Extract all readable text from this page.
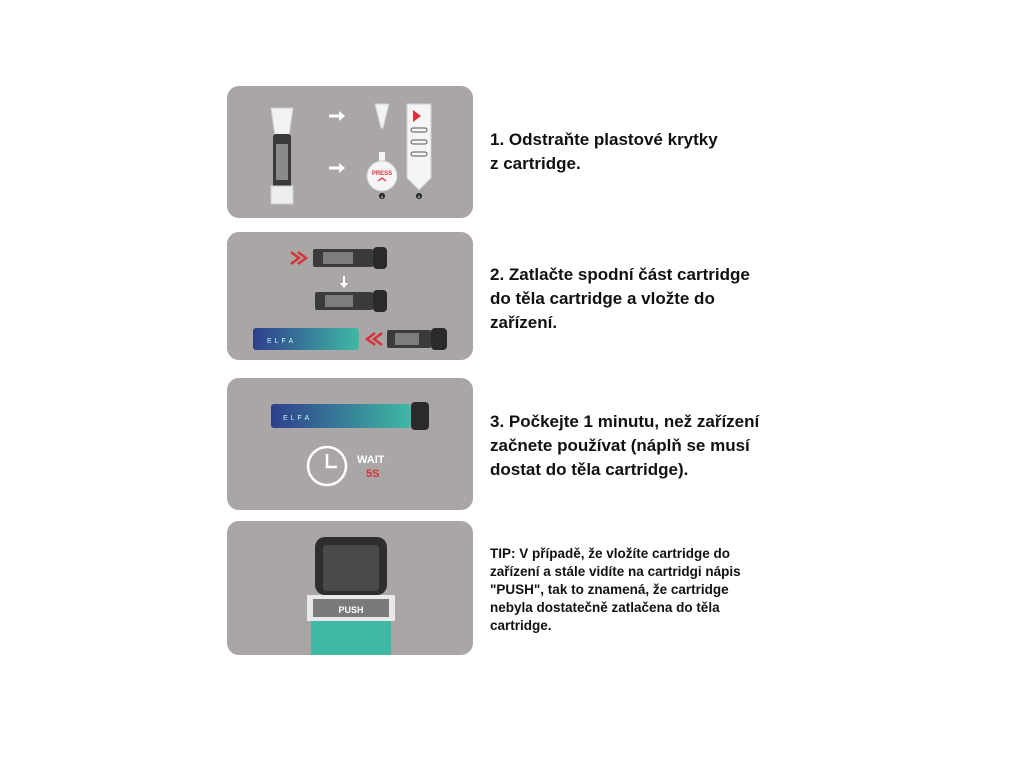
PRESS
1	2
1. Odstraňte plastové krytky
z cartridge.
ELFA
2. Zatlačte spodní část cartridge
do těla cartridge a vložte do
zařízení.
ELFA
WAIT
5S
3. Počkejte 1 minutu, než zařízení
začnete používat (náplň se musí
dostat do těla cartridge).
PUSH
TIP: V případě, že vložíte cartridge do
zařízení a stále vidíte na cartridgi nápis
"PUSH", tak to znamená, že cartridge
nebyla dostatečně zatlačena do těla
cartridge.
